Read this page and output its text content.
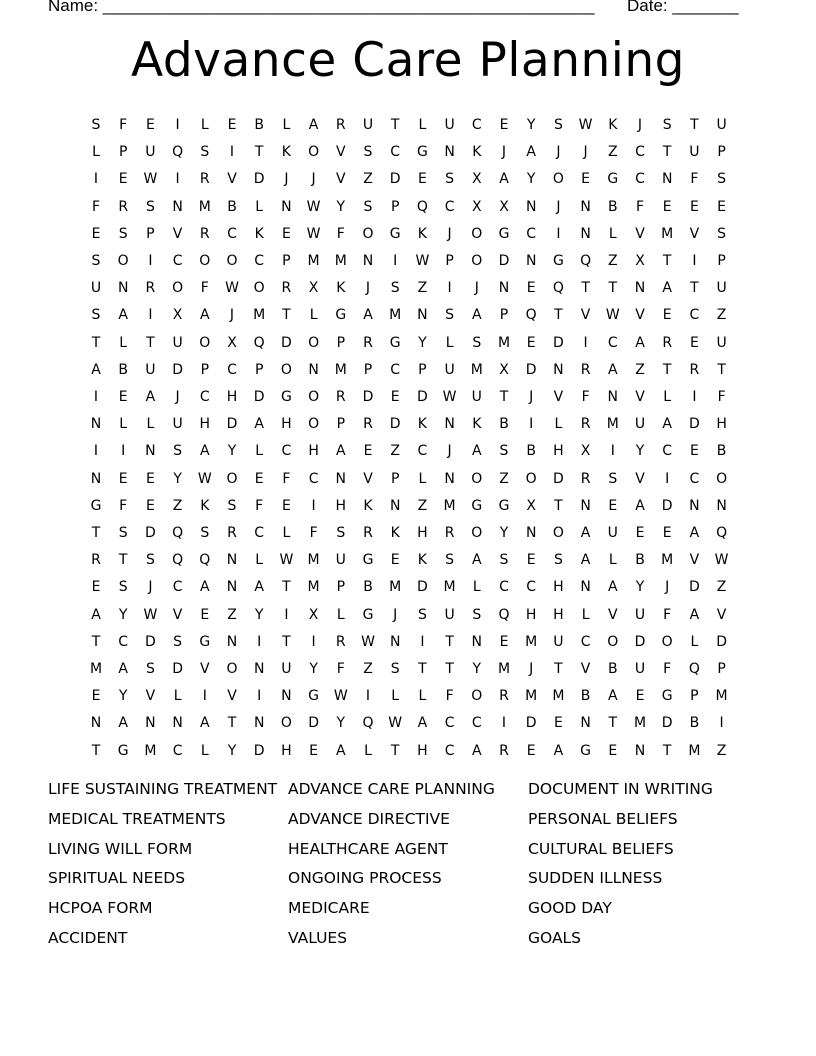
Name: ____________________________________________________ Date: _______
Advance Care Planning
S	F	E	I	L	E	B	L	A	R	U	T	L	U	C	E	Y	S	W	K	J	S	T	U
L	P	U	Q	S	I	T	K	O	V	S	C	G	N	K	J	A	J	J	Z	C	T	U	P
I	E	W	I	R	V	D	J	J	V	Z	D	E	S	X	A	Y	O	E	G	C	N	F	S
F	R	S	N	M	B	L	N	W	Y	S	P	Q	C	X	X	N	J	N	B	F	E	E	E
E	S	P	V	R	C	K	E	W	F	O	G	K	J	O	G	C	I	N	L	V	M	V	S
S	O	I	C	O	O	C	P	M M	N	I	W	P	O	D	N	G	Q	Z	X	T	I	P
U	N	R	O	F	W	O	R	X	K	J	S	Z	I	J	N	E	Q	T	T	N	A	T	U
S	A	I	X	A	J	M	T	L	G	A	M	N	S	A	P	Q	T	V	W	V	E	C	Z
T	L	T	U	O	X	Q	D	O	P	R	G	Y	L	S	M	E	D	I	C	A	R	E	U
A	B	U	D	P	C	P	O	N	M	P	C	P	U	M	X	D	N	R	A	Z	T	R	T
I	E	A	J	C	H	D	G	O	R	D	E	D	W	U	T	J	V	F	N	V	L	I	F
N	L	L	U	H	D	A	H	O	P	R	D	K	N	K	B	I	L	R	M	U	A	D	H
I	I	N	S	A	Y	L	C	H	A	E	Z	C	J	A	S	B	H	X	I	Y	C	E	B
N	E	E	Y	W	O	E	F	C	N	V	P	L	N	O	Z	O	D	R	S	V	I	C	O
G	F	E	Z	K	S	F	E	I	H	K	N	Z	M	G	G	X	T	N	E	A	D	N	N
T	S	D	Q	S	R	C	L	F	S	R	K	H	R	O	Y	N	O	A	U	E	E	A	Q
R	T	S	Q	Q	N	L	W M	U	G	E	K	S	A	S	E	S	A	L	B	M	V	W
E	S	J	C	A	N	A	T	M	P	B	M	D	M	L	C	C	H	N	A	Y	J	D	Z
A	Y	W	V	E	Z	Y	I	X	L	G	J	S	U	S	Q	H	H	L	V	U	F	A	V
T	C	D	S	G	N	I	T	I	R	W	N	I	T	N	E	M	U	C	O	D	O	L	D
M	A	S	D	V	O	N	U	Y	F	Z	S	T	T	Y	M	J	T	V	B	U	F	Q	P
E	Y	V	L	I	V	I	N	G	W	I	L	L	F	O	R	M M	B	A	E	G	P	M
N	A	N	N	A	T	N	O	D	Y	Q	W	A	C	C	I	D	E	N	T	M	D	B	I
T	G	M	C	L	Y	D	H	E	A	L	T	H	C	A	R	E	A	G	E	N	T	M	Z
LIFE SUSTAINING TREATMENT
MEDICAL TREATMENTS
LIVING WILL FORM
SPIRITUAL NEEDS
HCPOA FORM
ACCIDENT
ADVANCE CARE PLANNING
ADVANCE DIRECTIVE
HEALTHCARE AGENT
ONGOING PROCESS
MEDICARE
VALUES
DOCUMENT IN WRITING
PERSONAL BELIEFS
CULTURAL BELIEFS
SUDDEN ILLNESS
GOOD DAY
GOALS
